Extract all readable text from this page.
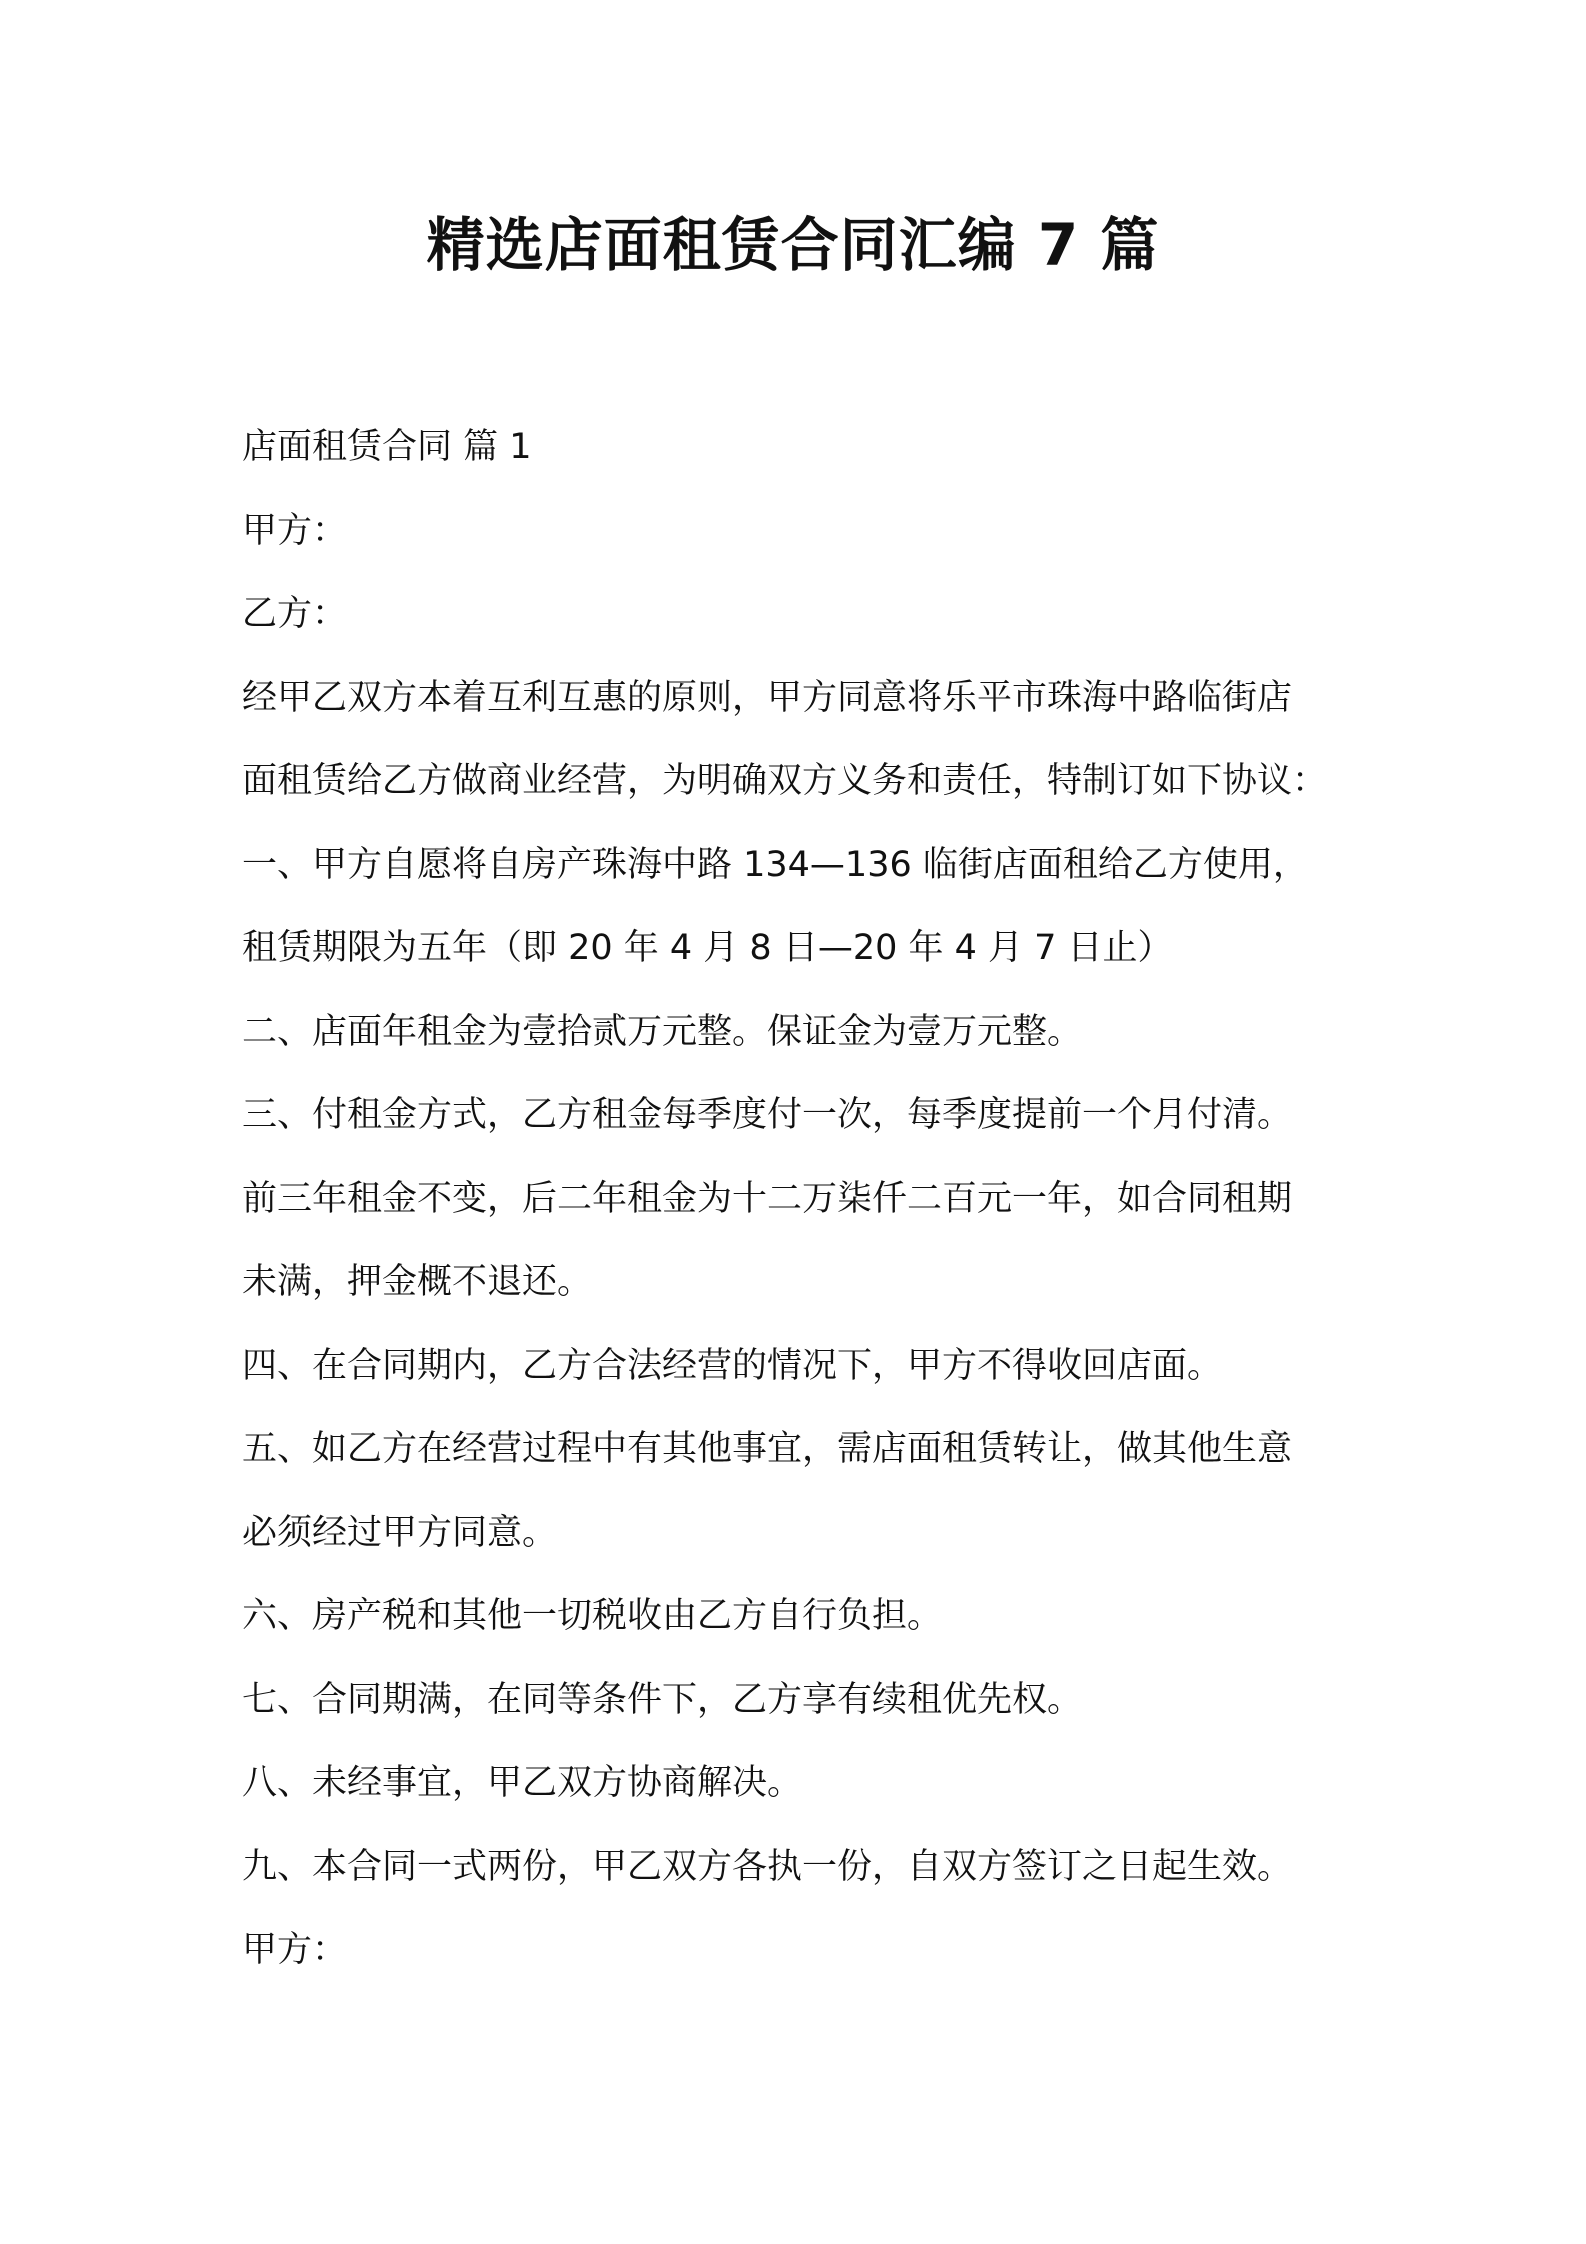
精选店面租赁合同汇编 7 篇

店面租赁合同 篇 1

甲方：

乙方：

经甲乙双方本着互利互惠的原则，甲方同意将乐平市珠海中路临街店

面租赁给乙方做商业经营，为明确双方义务和责任，特制订如下协议：

一、甲方自愿将自房产珠海中路 134—136 临街店面租给乙方使用，

租赁期限为五年（即 20 年 4 月 8 日—20 年 4 月 7 日止）

二、店面年租金为壹拾贰万元整。保证金为壹万元整。

三、付租金方式，乙方租金每季度付一次，每季度提前一个月付清。

前三年租金不变，后二年租金为十二万柒仟二百元一年，如合同租期

未满，押金概不退还。

四、在合同期内，乙方合法经营的情况下，甲方不得收回店面。

五、如乙方在经营过程中有其他事宜，需店面租赁转让，做其他生意

必须经过甲方同意。

六、房产税和其他一切税收由乙方自行负担。

七、合同期满，在同等条件下，乙方享有续租优先权。

八、未经事宜，甲乙双方协商解决。

九、本合同一式两份，甲乙双方各执一份，自双方签订之日起生效。

甲方：
